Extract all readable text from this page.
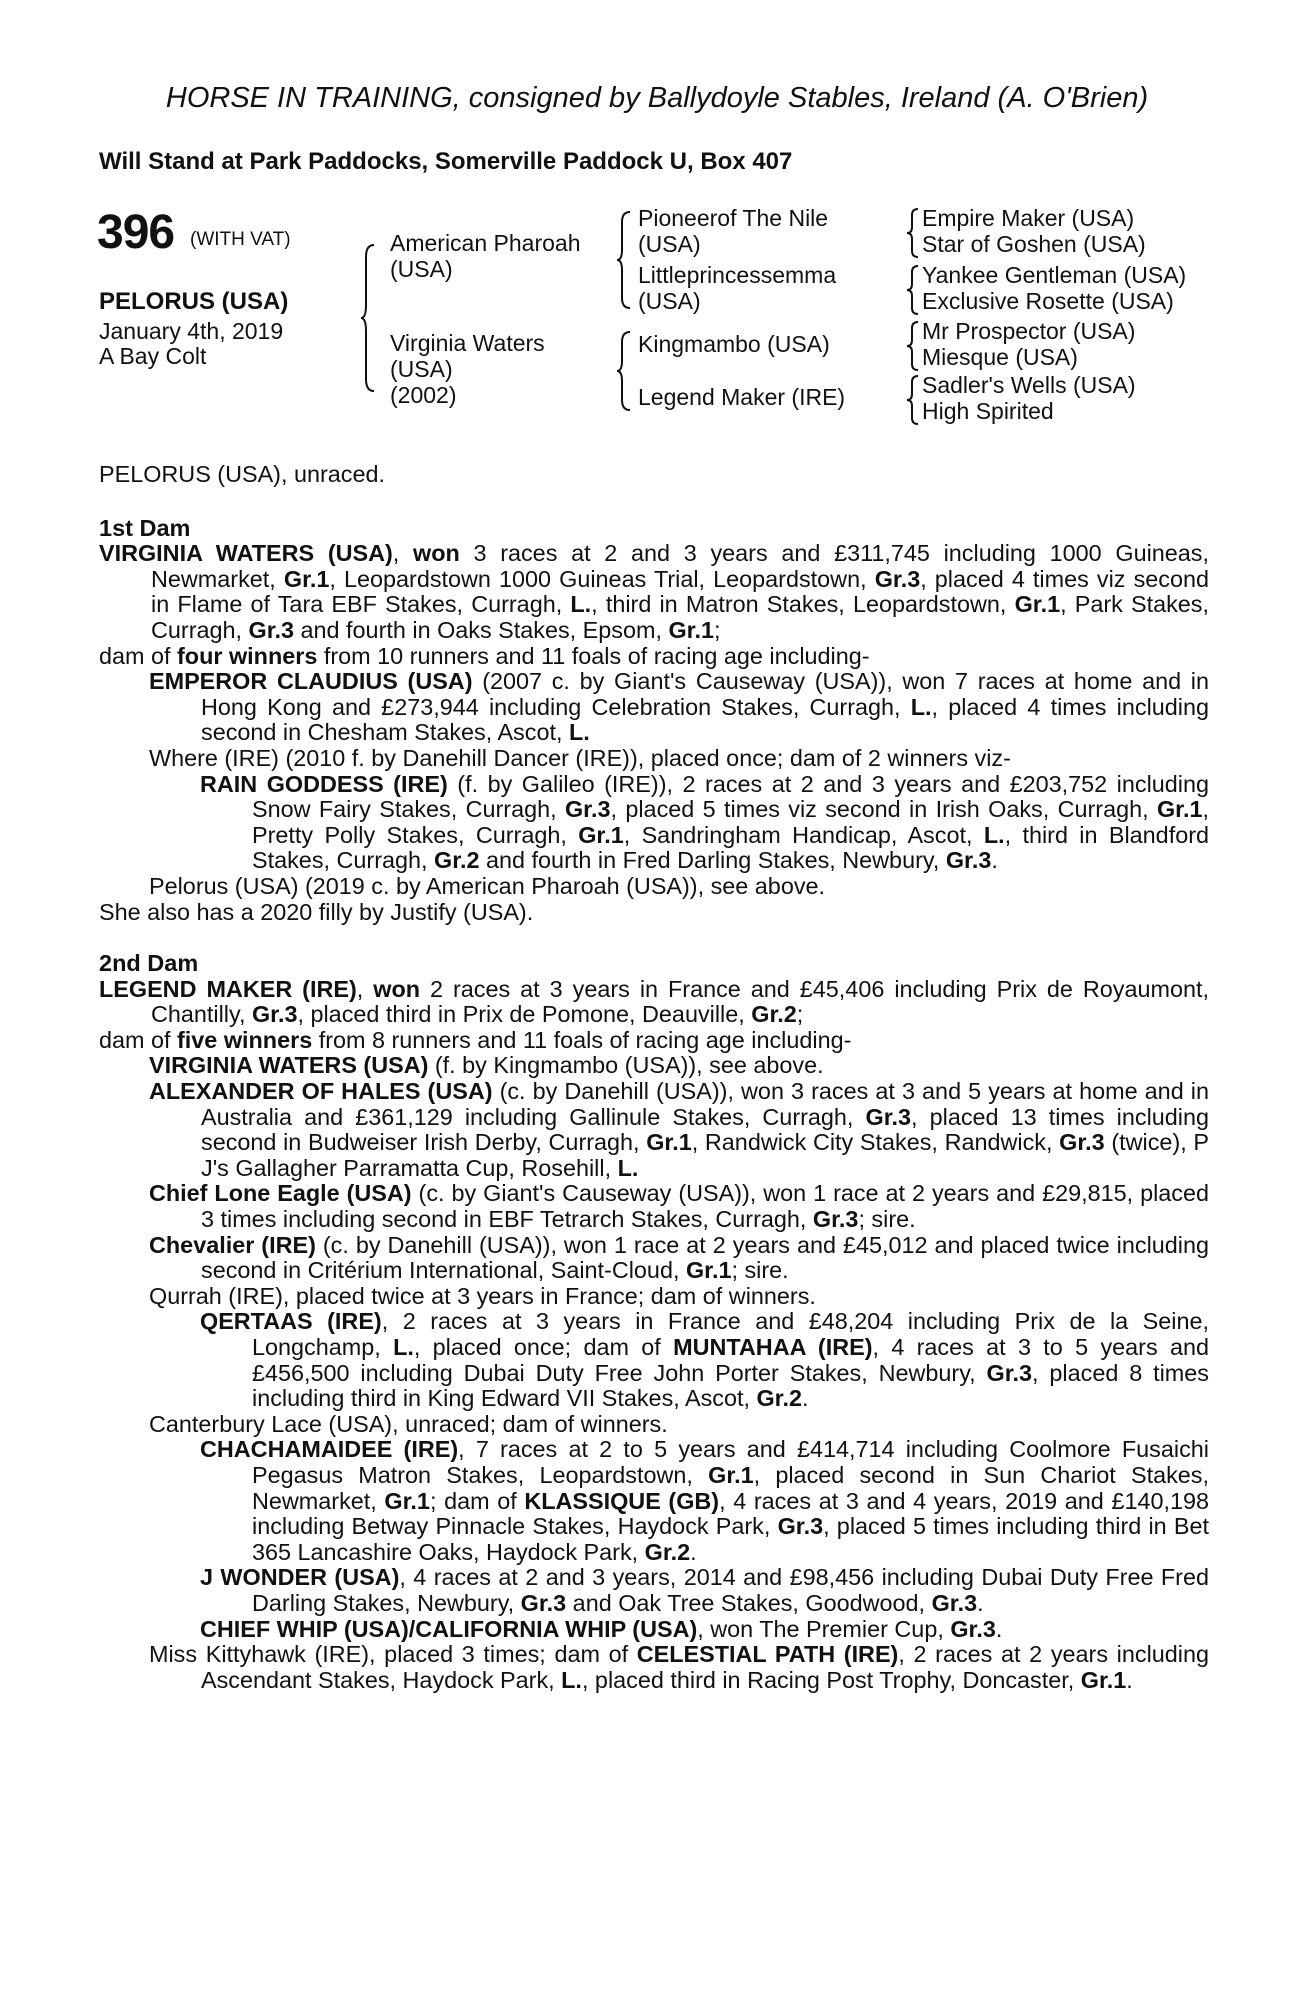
HORSE IN TRAINING, consigned by Ballydoyle Stables, Ireland (A. O'Brien)
Will Stand at Park Paddocks, Somerville Paddock U, Box 407
396 (WITH VAT)
PELORUS (USA)
January 4th, 2019
A Bay Colt
American Pharoah
(USA)
Virginia Waters
(USA)
(2002)
Pioneerof The Nile
(USA)
Littleprincessemma
(USA)
Kingmambo (USA)
Legend Maker (IRE)
Empire Maker (USA)
Star of Goshen (USA)
Yankee Gentleman (USA)
Exclusive Rosette (USA)
Mr Prospector (USA)
Miesque (USA)
Sadler's Wells (USA)
High Spirited

PELORUS (USA), unraced.

1st Dam

VIRGINIA WATERS (USA), won 3 races at 2 and 3 years and £311,745 including 1000 Guineas, Newmarket, Gr.1, Leopardstown 1000 Guineas Trial, Leopardstown, Gr.3, placed 4 times viz second in Flame of Tara EBF Stakes, Curragh, L., third in Matron Stakes, Leopardstown, Gr.1, Park Stakes, Curragh, Gr.3 and fourth in Oaks Stakes, Epsom, Gr.1;

dam of four winners from 10 runners and 11 foals of racing age including-

EMPEROR CLAUDIUS (USA) (2007 c. by Giant's Causeway (USA)), won 7 races at home and in Hong Kong and £273,944 including Celebration Stakes, Curragh, L., placed 4 times including second in Chesham Stakes, Ascot, L.

Where (IRE) (2010 f. by Danehill Dancer (IRE)), placed once; dam of 2 winners viz-

RAIN GODDESS (IRE) (f. by Galileo (IRE)), 2 races at 2 and 3 years and £203,752 including Snow Fairy Stakes, Curragh, Gr.3, placed 5 times viz second in Irish Oaks, Curragh, Gr.1, Pretty Polly Stakes, Curragh, Gr.1, Sandringham Handicap, Ascot, L., third in Blandford Stakes, Curragh, Gr.2 and fourth in Fred Darling Stakes, Newbury, Gr.3.

Pelorus (USA) (2019 c. by American Pharoah (USA)), see above.

She also has a 2020 filly by Justify (USA).

2nd Dam

LEGEND MAKER (IRE), won 2 races at 3 years in France and £45,406 including Prix de Royaumont, Chantilly, Gr.3, placed third in Prix de Pomone, Deauville, Gr.2;

dam of five winners from 8 runners and 11 foals of racing age including-

VIRGINIA WATERS (USA) (f. by Kingmambo (USA)), see above.

ALEXANDER OF HALES (USA) (c. by Danehill (USA)), won 3 races at 3 and 5 years at home and in Australia and £361,129 including Gallinule Stakes, Curragh, Gr.3, placed 13 times including second in Budweiser Irish Derby, Curragh, Gr.1, Randwick City Stakes, Randwick, Gr.3 (twice), P J's Gallagher Parramatta Cup, Rosehill, L.

Chief Lone Eagle (USA) (c. by Giant's Causeway (USA)), won 1 race at 2 years and £29,815, placed 3 times including second in EBF Tetrarch Stakes, Curragh, Gr.3; sire.

Chevalier (IRE) (c. by Danehill (USA)), won 1 race at 2 years and £45,012 and placed twice including second in Critérium International, Saint-Cloud, Gr.1; sire.

Qurrah (IRE), placed twice at 3 years in France; dam of winners.

QERTAAS (IRE), 2 races at 3 years in France and £48,204 including Prix de la Seine, Longchamp, L., placed once; dam of MUNTAHAA (IRE), 4 races at 3 to 5 years and £456,500 including Dubai Duty Free John Porter Stakes, Newbury, Gr.3, placed 8 times including third in King Edward VII Stakes, Ascot, Gr.2.

Canterbury Lace (USA), unraced; dam of winners.

CHACHAMAIDEE (IRE), 7 races at 2 to 5 years and £414,714 including Coolmore Fusaichi Pegasus Matron Stakes, Leopardstown, Gr.1, placed second in Sun Chariot Stakes, Newmarket, Gr.1; dam of KLASSIQUE (GB), 4 races at 3 and 4 years, 2019 and £140,198 including Betway Pinnacle Stakes, Haydock Park, Gr.3, placed 5 times including third in Bet 365 Lancashire Oaks, Haydock Park, Gr.2.

J WONDER (USA), 4 races at 2 and 3 years, 2014 and £98,456 including Dubai Duty Free Fred Darling Stakes, Newbury, Gr.3 and Oak Tree Stakes, Goodwood, Gr.3.

CHIEF WHIP (USA)/CALIFORNIA WHIP (USA), won The Premier Cup, Gr.3.

Miss Kittyhawk (IRE), placed 3 times; dam of CELESTIAL PATH (IRE), 2 races at 2 years including Ascendant Stakes, Haydock Park, L., placed third in Racing Post Trophy, Doncaster, Gr.1.
